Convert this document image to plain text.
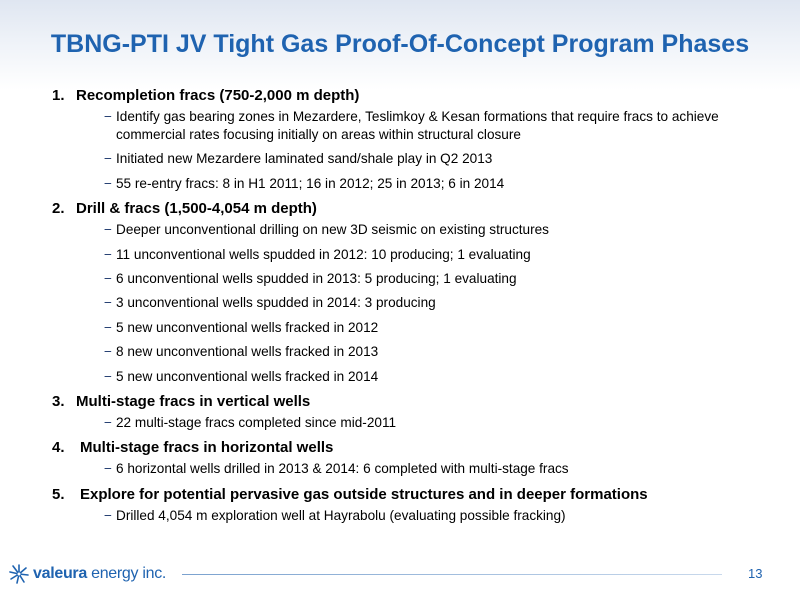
TBNG-PTI JV Tight Gas Proof-Of-Concept Program Phases
1. Recompletion fracs (750-2,000 m depth)
− Identify gas bearing zones in Mezardere, Teslimkoy & Kesan formations that require fracs to achieve commercial rates focusing initially on areas within structural closure
− Initiated new Mezardere laminated sand/shale play in Q2 2013
− 55 re-entry fracs: 8 in H1 2011; 16 in 2012; 25 in 2013; 6 in 2014
2. Drill & fracs (1,500-4,054 m depth)
− Deeper unconventional drilling on new 3D seismic on existing structures
− 11 unconventional wells spudded in 2012: 10 producing; 1 evaluating
− 6 unconventional wells spudded in 2013: 5 producing; 1 evaluating
− 3 unconventional wells spudded in 2014: 3 producing
− 5 new unconventional wells fracked in 2012
− 8 new unconventional wells fracked in 2013
− 5 new unconventional wells fracked in 2014
3. Multi-stage fracs in vertical wells
− 22 multi-stage fracs completed since mid-2011
4. Multi-stage fracs in horizontal wells
− 6 horizontal wells drilled in 2013 & 2014: 6 completed with multi-stage fracs
5. Explore for potential pervasive gas outside structures and in deeper formations
− Drilled 4,054 m exploration well at Hayrabolu (evaluating possible fracking)
valeura energy inc.	13
